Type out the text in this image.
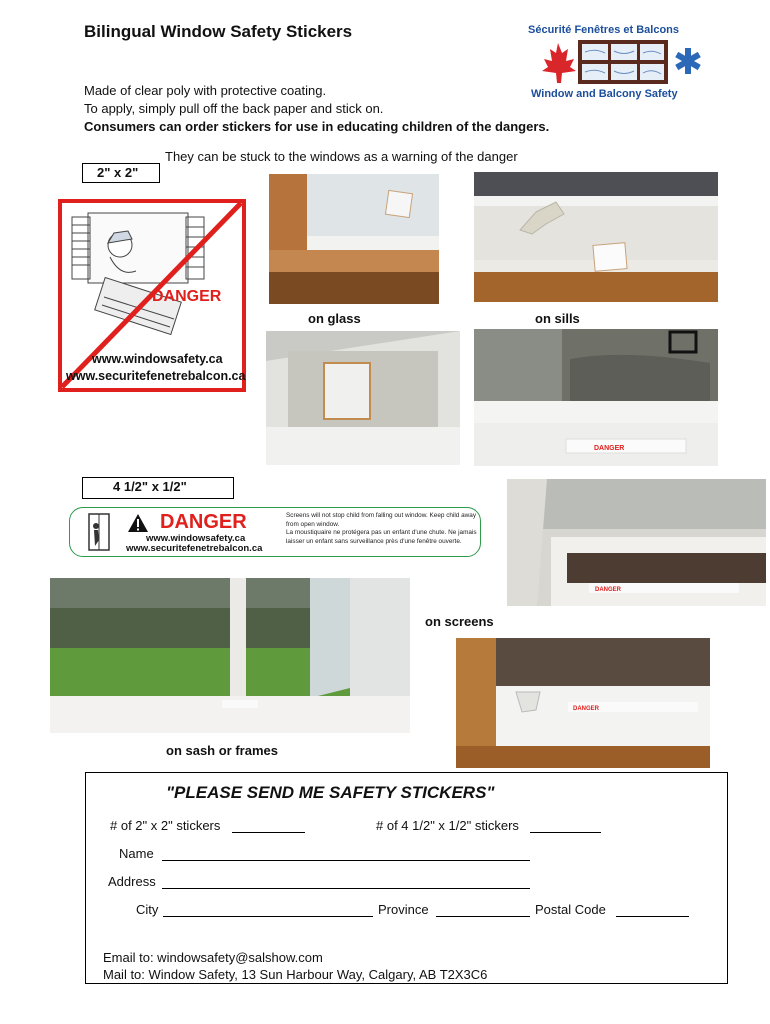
Bilingual Window Safety Stickers	Sécurité Fenêtres et Balcons
Window and Balcony Safety
Made of clear poly with protective coating.
To apply, simply pull off the back paper and stick on.
Consumers can order stickers for use in educating children of the dangers.
They can be stuck to the windows as a warning of the danger
2" x 2"
DANGER
www.windowsafety.ca
www.securitefenetrebalcon.ca
on glass	on sills
DANGER
4 1/2" x 1/2"
DANGER
www.windowsafety.ca
www.securitefenetrebalcon.ca
Screens will not stop child from falling out window. Keep child away from open window.
La moustiquaire ne protégera pas un enfant d'une chute. Ne jamais laisser un enfant sans surveillance près d'une fenêtre ouverte.
DANGER
on screens
on sash or frames
DANGER
"PLEASE SEND ME SAFETY STICKERS"
# of 2" x 2" stickers	# of 4 1/2" x 1/2" stickers
Name
Address
City	Province	Postal Code
Email to: windowsafety@salshow.com
Mail to: Window Safety, 13 Sun Harbour Way, Calgary, AB T2X3C6
